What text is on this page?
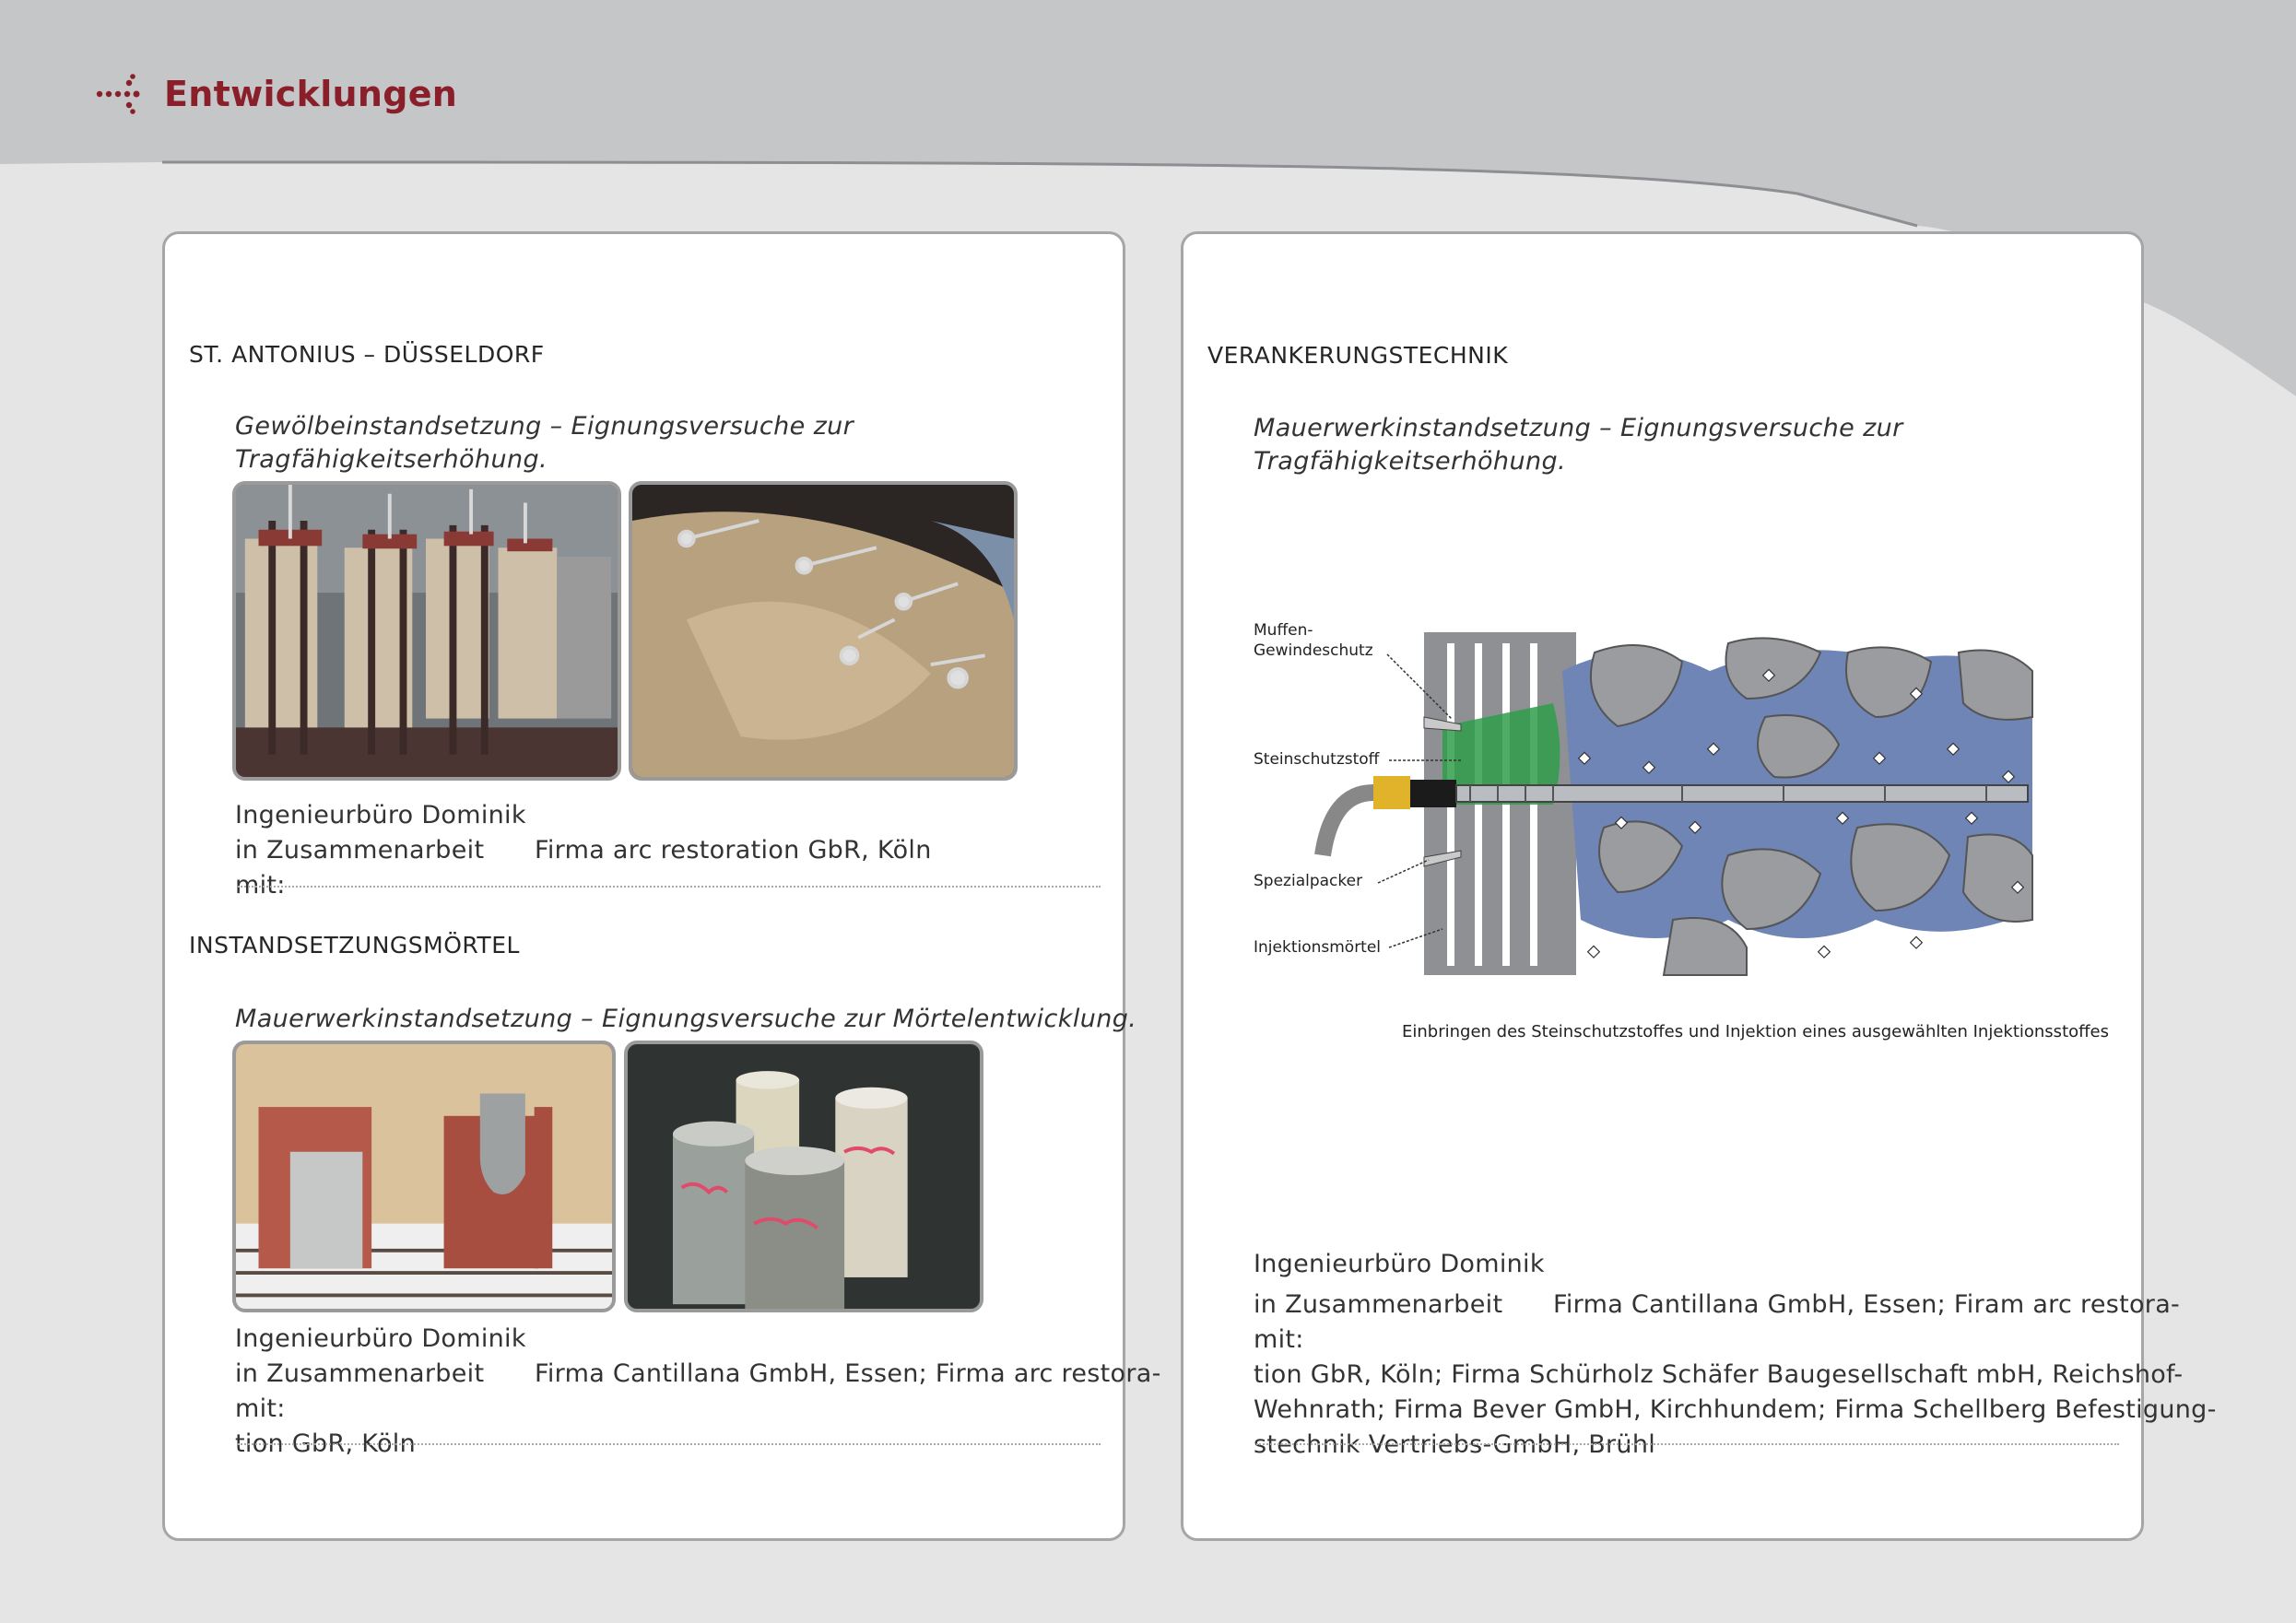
Entwicklungen
ST. ANTONIUS – DÜSSELDORF
Gewölbeinstandsetzung – Eignungsversuche zur
Tragfähigkeitserhöhung.
Ingenieurbüro Dominik
in Zusammenarbeit mit:
Firma arc restoration GbR, Köln
INSTANDSETZUNGSMÖRTEL
Mauerwerkinstandsetzung – Eignungsversuche zur Mörtelentwicklung.
Ingenieurbüro Dominik
in Zusammenarbeit mit:
Firma Cantillana GmbH, Essen; Firma arc restora-
tion GbR, Köln
VERANKERUNGSTECHNIK
Mauerwerkinstandsetzung – Eignungsversuche zur
Tragfähigkeitserhöhung.
Muffen-
Gewindeschutz
Steinschutzstoff
Spezialpacker
Injektionsmörtel
Einbringen des Steinschutzstoffes und Injektion eines ausgewählten Injektionsstoffes
Ingenieurbüro Dominik
in Zusammenarbeit mit:
Firma Cantillana GmbH, Essen; Firam arc restora-
tion GbR, Köln; Firma Schürholz Schäfer Baugesellschaft mbH, Reichshof-
Wehnrath; Firma Bever GmbH, Kirchhundem; Firma Schellberg Befestigung-
stechnik Vertriebs-GmbH, Brühl
